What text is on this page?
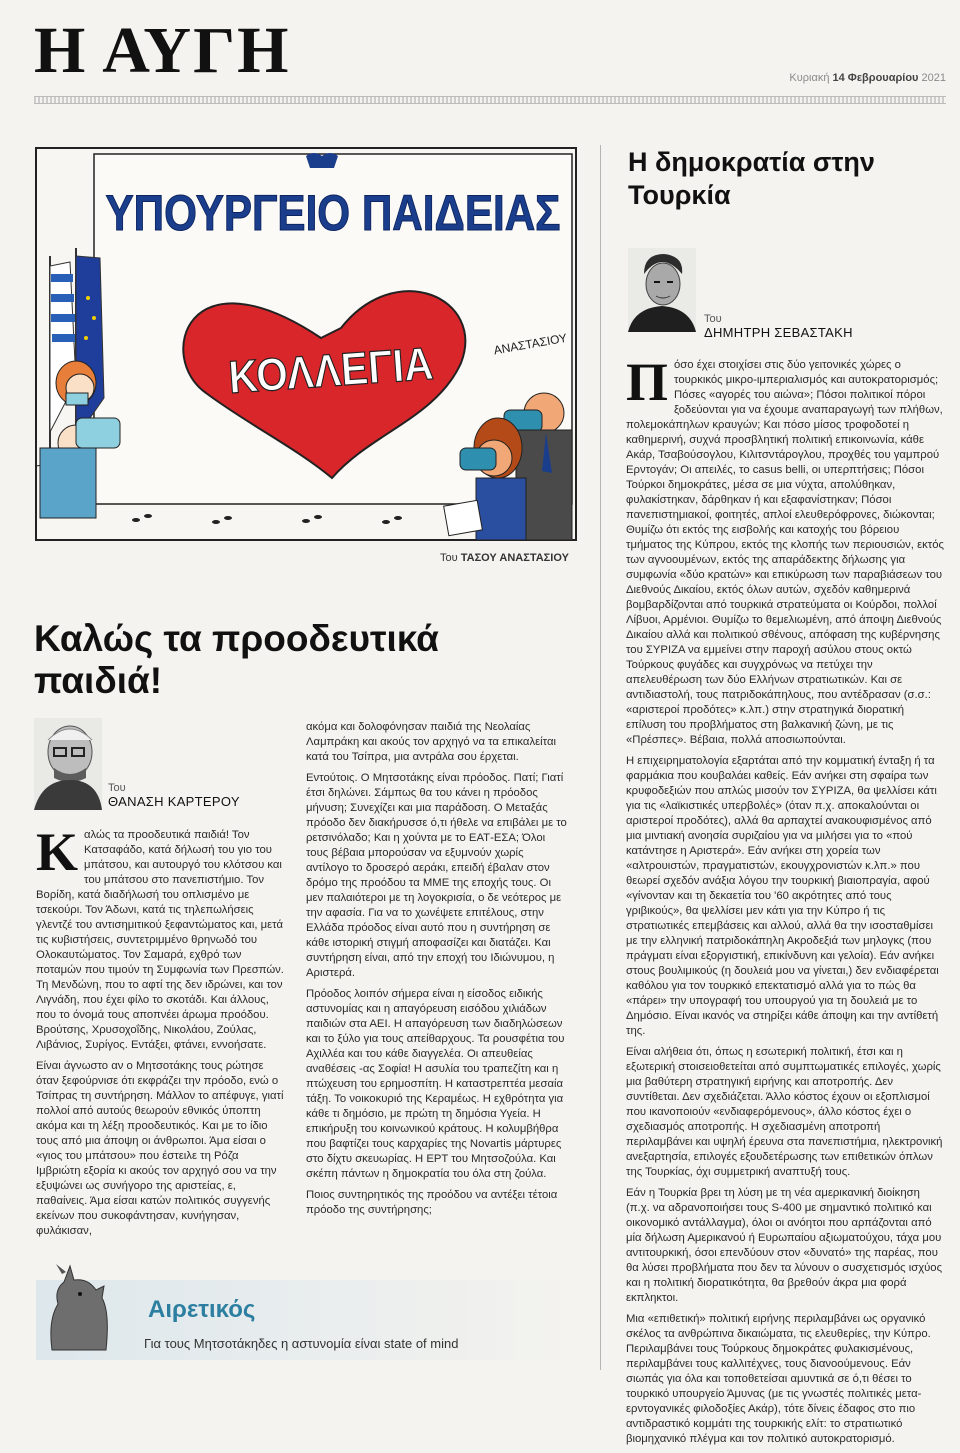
Η ΑΥΓΗ	Κυριακή 14 Φεβρουαρίου 2021
ΥΠΟΥΡΓΕΙΟ ΠΑΙΔΕΙΑΣ
ΚΟΛΛΕΓΙΑ	ΑΝΑΣΤΑΣΙΟΥ
Του ΤΑΣΟΥ ΑΝΑΣΤΑΣΙΟΥ
Καλώς τα προοδευτικά παιδιά!
Του
ΘΑΝΑΣΗ ΚΑΡΤΕΡΟΥ

Καλώς τα προοδευτικά παιδιά! Τον Κατσαφάδο, κατά δήλωσή του γιο του μπάτσου, και αυτουργό του κλότσου και του μπάτσου στο πανεπιστήμιο. Τον Βορίδη, κατά διαδήλωσή του οπλισμένο με τσεκούρι. Τον Άδωνι, κατά τις τηλεπωλήσεις γλεντζέ του αντισημιτικού ξεφαντώματος και, μετά τις κυβιστήσεις, συντετριμμένο θρηνωδό του Ολοκαυτώματος. Τον Σαμαρά, εχθρό των ποταμών που τιμούν τη Συμφωνία των Πρεσπών. Τη Μενδώνη, που το αφτί της δεν ιδρώνει, και τον Λιγνάδη, που έχει φίλο το σκοτάδι. Και άλλους, που το όνομά τους αποπνέει άρωμα προόδου. Βρούτσης, Χρυσοχοΐδης, Νικολάου, Ζούλας, Λιβάνιος, Συρίγος. Εντάξει, φτάνει, εννοήσατε.

Είναι άγνωστο αν ο Μητσοτάκης τους ρώτησε όταν ξεφούρνισε ότι εκφράζει την πρόοδο, ενώ ο Τσίπρας τη συντήρηση. Μάλλον το απέφυγε, γιατί πολλοί από αυτούς θεωρούν εθνικός ύποπτη ακόμα και τη λέξη προοδευτικός. Και με το ίδιο τους από μια άποψη οι άνθρωποι. Άμα είσαι ο «γιος του μπάτσου» που έστειλε τη Ρόζα Ιμβριώτη εξορία κι ακούς τον αρχηγό σου να την εξυψώνει ως συνήγορο της αριστείας, ε, παθαίνεις. Άμα είσαι κατών πολιτικός συγγενής εκείνων που συκοφάντησαν, κυνήγησαν, φυλάκισαν,

ακόμα και δολοφόνησαν παιδιά της Νεολαίας Λαμπράκη και ακούς τον αρχηγό να τα επικαλείται κατά του Τσίπρα, μια αντράλα σου έρχεται.

Εντούτοις. Ο Μητσοτάκης είναι πρόοδος. Πατί; Γιατί έτσι δηλώνει. Σάμπως θα του κάνει η πρόοδος μήνυση; Συνεχίζει και μια παράδοση. Ο Μεταξάς πρόοδο δεν διακήρυσσε ό,τι ήθελε να επιβάλει με το ρετσινόλαδο; Και η χούντα με το ΕΑΤ-ΕΣΑ; Όλοι τους βέβαια μπορούσαν να εξυμνούν χωρίς αντίλογο το δροσερό αεράκι, επειδή έβαλαν στον δρόμο της προόδου τα ΜΜΕ της εποχής τους. Οι μεν παλαιότεροι με τη λογοκρισία, ο δε νεότερος με την αφασία. Για να το χωνέψετε επιτέλους, στην Ελλάδα πρόοδος είναι αυτό που η συντήρηση σε κάθε ιστορική στιγμή αποφασίζει και διατάζει. Και συντήρηση είναι, από την εποχή του Ιδιώνυμου, η Αριστερά.

Πρόοδος λοιπόν σήμερα είναι η είσοδος ειδικής αστυνομίας και η απαγόρευση εισόδου χιλιάδων παιδιών στα ΑΕΙ. Η απαγόρευση των διαδηλώσεων και το ξύλο για τους απείθαρχους. Τα ρουσφέτια του Αχιλλέα και του κάθε διαγγελέα. Οι απευθείας αναθέσεις -ας Σοφία! Η ασυλία του τραπεζίτη και η πτώχευση του ερημοσπίτη. Η καταστρεπτέα μεσαία τάξη. Το νοικοκυριό της Κεραμέως. Η εχθρότητα για κάθε τι δημόσιο, με πρώτη τη δημόσια Υγεία. Η επικήρυξη του κοινωνικού κράτους. Η κολυμβήθρα που βαφτίζει τους καρχαρίες της Novartis μάρτυρες στο δίχτυ σκευωρίας. Η ΕΡΤ του Μητσοζούλα. Και σκέπη πάντων η δημοκρατία του όλα στη ζούλα.

Ποιος συντηρητικός της προόδου να αντέξει τέτοια πρόοδο της συντήρησης;

Αιρετικός
Για τους Μητσοτάκηδες η αστυνομία είναι state of mind
Η δημοκρατία στην Τουρκία
Του
ΔΗΜΗΤΡΗ ΣΕΒΑΣΤΑΚΗ

Πόσο έχει στοιχίσει στις δύο γειτονικές χώρες ο τουρκικός μικρο-ιμπεριαλισμός και αυτοκρατορισμός; Πόσες «αγορές του αιώνα»; Πόσοι πολιτικοί πόροι ξοδεύονται για να έχουμε αναπαραγωγή των πλήθων, πολεμοκάπηλων κραυγών; Και πόσο μίσος τροφοδοτεί η καθημερινή, συχνά προσβλητική πολιτική επικοινωνία, κάθε Ακάρ, Τσαβούσογλου, Κιλιτσντάρογλου, προχθές του γαμπρού Ερντογάν; Οι απειλές, το casus belli, οι υπερπτήσεις; Πόσοι Τούρκοι δημοκράτες, μέσα σε μια νύχτα, απολύθηκαν, φυλακίστηκαν, δάρθηκαν ή και εξαφανίστηκαν; Πόσοι πανεπιστημιακοί, φοιτητές, απλοί ελευθερόφρονες, διώκονται; Θυμίζω ότι εκτός της εισβολής και κατοχής του βόρειου τμήματος της Κύπρου, εκτός της κλοπής των περιουσιών, εκτός των αγνοουμένων, εκτός της απαράδεκτης δήλωσης για συμφωνία «δύο κρατών» και επικύρωση των παραβιάσεων του Διεθνούς Δικαίου, εκτός όλων αυτών, σχεδόν καθημερινά βομβαρδίζονται από τουρκικά στρατεύματα οι Κούρδοι, πολλοί Λίβυοι, Αρμένιοι. Θυμίζω το θεμελιωμένη, από άποψη Διεθνούς Δικαίου αλλά και πολιτικού σθένους, απόφαση της κυβέρνησης του ΣΥΡΙΖΑ να εμμείνει στην παροχή ασύλου στους οκτώ Τούρκους φυγάδες και συγχρόνως να πετύχει την απελευθέρωση των δύο Ελλήνων στρατιωτικών. Και σε αντιδιαστολή, τους πατριδοκάπηλους, που αντέδρασαν (σ.σ.: «αριστεροί προδότες» κ.λπ.) στην στρατηγικά διορατική επίλυση του προβλήματος στη βαλκανική ζώνη, με τις «Πρέσπες». Βέβαια, πολλά αποσιωπούνται.

Η επιχειρηματολογία εξαρτάται από την κομματική ένταξη ή τα φαρμάκια που κουβαλάει καθείς. Εάν ανήκει στη σφαίρα των κρυφοδεξιών που απλώς μισούν τον ΣΥΡΙΖΑ, θα ψελλίσει κάτι για τις «λαϊκιστικές υπερβολές» (όταν π.χ. αποκαλούνται οι αριστεροί προδότες), αλλά θα αρπαχτεί ανακουφισμένος από μια μιντιακή ανοησία συριζαίου για να μιλήσει για το «πού κατάντησε η Αριστερά». Εάν ανήκει στη χορεία των «αλτρουιστών, πραγματιστών, εκουγχρονιστών κ.λπ.» που θεωρεί σχεδόν ανάξια λόγου την τουρκική βιαιοπραγία, αφού «γίνονταν και τη δεκαετία του '60 ακρότητες από τους γριβικούς», θα ψελλίσει μεν κάτι για την Κύπρο ή τις στρατιωτικές επεμβάσεις και αλλού, αλλά θα την ισοσταθμίσει με την ελληνική πατριδοκάπηλη Ακροδεξιά των μηλογκς (που πράγματι είναι εξοργιστική, επικίνδυνη και γελοία). Εάν ανήκει στους βουλιμικούς (η δουλειά μου να γίνεται,) δεν ενδιαφέρεται καθόλου για τον τουρκικό επεκτατισμό αλλά για το πώς θα «πάρει» την υπογραφή του υπουργού για τη δουλειά με το Δημόσιο. Είναι ικανός να στηρίξει κάθε άποψη και την αντίθετή της.

Είναι αλήθεια ότι, όπως η εσωτερική πολιτική, έτσι και η εξωτερική στοισειοθετείται από συμπτωματικές επιλογές, χωρίς μια βαθύτερη στρατηγική ειρήνης και αποτροπής. Δεν συντίθεται. Δεν σχεδιάζεται. Άλλο κόστος έχουν οι εξοπλισμοί που ικανοποιούν «ενδιαφερόμενους», άλλο κόστος έχει ο σχεδιασμός αποτροπής. Η σχεδιασμένη αποτροπή περιλαμβάνει και υψηλή έρευνα στα πανεπιστήμια, ηλεκτρονική ανεξαρτησία, επιλογές εξουδετέρωσης των επιθετικών όπλων της Τουρκίας, όχι συμμετρική αναπτυξή τους.

Εάν η Τουρκία βρει τη λύση με τη νέα αμερικανική διοίκηση (π.χ. να αδρανοποιήσει τους S-400 με σημαντικό πολιτικό και οικονομικό αντάλλαγμα), όλοι οι ανόητοι που αρπάζονται από μία δήλωση Αμερικανού ή Ευρωπαίου αξιωματούχου, τάχα μου αντιτουρκική, όσοι επενδύουν στον «δυνατό» της παρέας, που θα λύσει προβλήματα που δεν τα λύνουν ο συσχετισμός ισχύος και η πολιτική διορατικότητα, θα βρεθούν άκρα μια φορά εκπληκτοι.

Μια «επιθετική» πολιτική ειρήνης περιλαμβάνει ως οργανικό σκέλος τα ανθρώπινα δικαιώματα, τις ελευθερίες, την Κύπρο. Περιλαμβάνει τους Τούρκους δημοκράτες φυλακισμένους, περιλαμβάνει τους καλλιτέχνες, τους διανοούμενους. Εάν σιωπάς για όλα και τοποθετείσαι αμυντικά σε ό,τι θέσει το τουρκικό υπουργείο Άμυνας (με τις γνωστές πολιτικές μετα-ερντογανικές φιλοδοξίες Ακάρ), τότε δίνεις έδαφος στο πιο αντιδραστικό κομμάτι της τουρκικής ελίτ: το στρατιωτικό βιομηχανικό πλέγμα και τον πολιτικό αυτοκρατορισμό.
